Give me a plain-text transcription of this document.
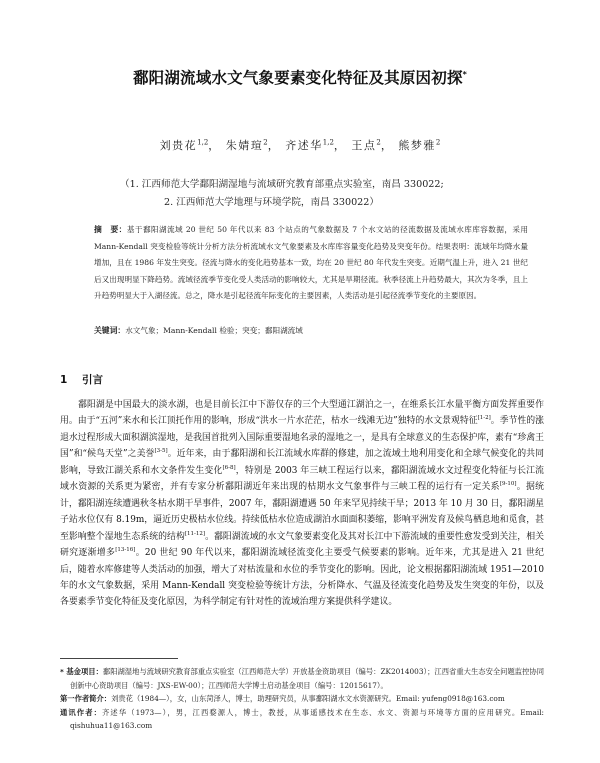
鄱阳湖流域水文气象要素变化特征及其原因初探*
刘贵花$^{1,2}$， 朱婧瑄$^2$， 齐述华$^{1,2}$， 王点$^2$， 熊梦雅$^2$
（1. 江西师范大学鄱阳湖湿地与流域研究教育部重点实验室，南昌 330022;
2. 江西师范大学地理与环境学院，南昌 330022）
摘　要：基于鄱阳湖流域 20 世纪 50 年代以来 83 个站点的气象数据及 7 个水文站的径流数据及流域水库库容数据，采用 Mann-Kendall 突变检验等统计分析方法分析流域水文气象要素及水库库容量变化趋势及突变年份。结果表明：流域年均降水量增加，且在 1986 年发生突变。径流与降水的变化趋势基本一致，均在 20 世纪 80 年代发生突变。近期气温上升，进入 21 世纪后又出现明显下降趋势。流域径流季节变化受人类活动的影响较大，尤其是旱期径流。秋季径流上升趋势最大，其次为冬季，且上升趋势明显大于入湖径流。总之，降水是引起径流年际变化的主要因素，人类活动是引起径流季节变化的主要原因。
关键词：水文气象；Mann-Kendall 检验；突变；鄱阳湖流域
1 引言
鄱阳湖是中国最大的淡水湖，也是目前长江中下游仅存的三个大型通江湖泊之一，在维系长江水量平衡方面发挥重要作用。由于“五河”来水和长江顶托作用的影响，形成“洪水一片水茫茫，枯水一线滩无边”独特的水文景观特征[1-2]。季节性的涨退水过程形成大面积湖滨湿地，是我国首批列入国际重要湿地名录的湿地之一，是具有全球意义的生态保护库，素有“珍禽王国”和“候鸟天堂”之美誉[3-5]。近年来，由于鄱阳湖和长江流域水库群的修建，加之流域土地利用变化和全球气候变化的共同影响，导致江湖关系和水文条件发生变化[6-8]，特别是 2003 年三峡工程运行以来，鄱阳湖流域水文过程变化特征与长江流域水资源的关系更为紧密，并有专家分析鄱阳湖近年来出现的枯期水文气象事件与三峡工程的运行有一定关系[9-10]。据统计，鄱阳湖连续遭遇秋冬枯水期干旱事件，2007 年，鄱阳湖遭遇 50 年来罕见持续干旱；2013 年 10 月 30 日，鄱阳湖星子站水位仅有 8.19m，逼近历史极枯水位线。持续低枯水位造成湖泊水面面积萎缩，影响平洲发育及候鸟栖息地和觅食，甚至影响整个湿地生态系统的结构[11-12]。鄱阳湖流域的水文气象要素变化及其对长江中下游流域的重要性愈发受到关注，相关研究逐渐增多[13-16]。20 世纪 90 年代以来，鄱阳湖流域径流变化主要受气候要素的影响。近年来，尤其是进入 21 世纪后，随着水库修建等人类活动的加强，增大了对枯流量和水位的季节变化的影响。因此，论文根据鄱阳湖流域 1951—2010 年的水文气象数据，采用 Mann-Kendall 突变检验等统计方法，分析降水、气温及径流变化趋势及发生突变的年份，以及各要素季节变化特征及变化原因，为科学制定有针对性的流域治理方案提供科学建议。

* 基金项目：鄱阳湖湿地与流域研究教育部重点实验室（江西师范大学）开放基金资助项目（编号：ZK2014003）；江西省重大生态安全问题监控协同创新中心资助项目（编号：JXS-EW-00）；江西师范大学博士启动基金项目（编号：12015617）。

第一作者简介：刘贵花（1984—），女，山东菏泽人，博士，助理研究员，从事鄱阳湖水文水资源研究。Email: yufeng0918@163.com

通讯作者：齐述华（1973—），男，江西婺源人，博士，教授，从事遥感技术在生态、水文、资源与环境等方面的应用研究。Email: qishuhua11@163.com
